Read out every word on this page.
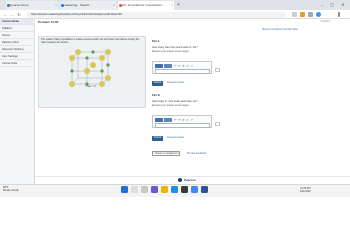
Course Home	×	mastering - Search	×	Ch. 13 problems | Coursehero	× +	–	▢	✕
← → ↻	https://session.masteringchemistry.com/myct/itemView?assignmentProblemID=...
Course Home
Syllabus
Scores
Pearson eText
Document Sharing
User Settings
Course Tools
Problem 12.60	< 1 of 1 >
Review | Constants | Periodic Table
The sodium (NaX) crystallizes in a face-centered cubic unit cell where the cations occupy the holes between the anions.
= Na+ = X-
Part A
How many Na+ ions touch each X- ion?
Express your answer as an integer.
↶ ↷ ↺ ▭ ?
Submit	Request Answer
Part B
How many X- ions touch each Na+ ion?
Express your answer as an integer.
↶ ↷ ↺ ▭ ?
Submit	Request Answer
< Return to Assignment	Provide Feedback
Pearson
58°F
Mostly cloudy
10:30 PM
4/11/2022
